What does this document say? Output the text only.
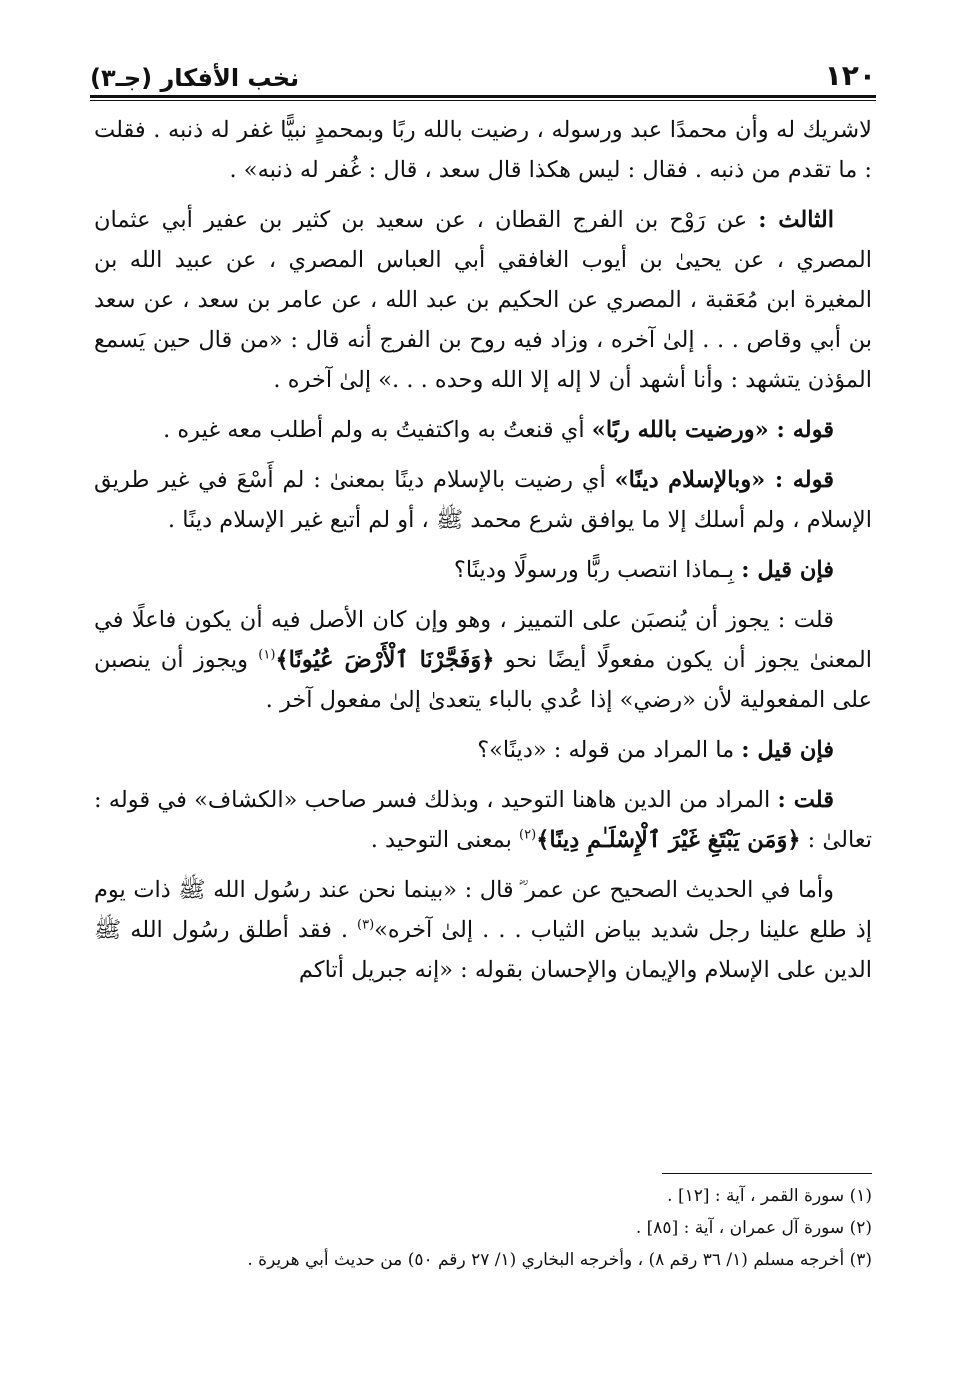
١٢٠
نخب الأفكار (جـ٣)

لاشريك له وأن محمدًا عبد ورسوله ، رضيت بالله ربًا وبمحمدٍ نبيًّا غفر له ذنبه . فقلت : ما تقدم من ذنبه . فقال : ليس هكذا قال سعد ، قال : غُفر له ذنبه» .

الثالث : عن رَوْح بن الفرج القطان ، عن سعيد بن كثير بن عفير أبي عثمان المصري ، عن يحيىٰ بن أيوب الغافقي أبي العباس المصري ، عن عبيد الله بن المغيرة ابن مُعَقبة ، المصري عن الحكيم بن عبد الله ، عن عامر بن سعد ، عن سعد بن أبي وقاص . . . إلىٰ آخره ، وزاد فيه روح بن الفرج أنه قال : «من قال حين يَسمع المؤذن يتشهد : وأنا أشهد أن لا إله إلا الله وحده . . .» إلىٰ آخره .

قوله : «ورضيت بالله ربًا» أي قنعتُ به واكتفيتُ به ولم أطلب معه غيره .

قوله : «وبالإسلام دينًا» أي رضيت بالإسلام دينًا بمعنىٰ : لم أَسْعَ في غير طريق الإسلام ، ولم أسلك إلا ما يوافق شرع محمد ﷺ ، أو لم أتبع غير الإسلام دينًا .

فإن قيل : بِـماذا انتصب ربًّا ورسولًا ودينًا؟

قلت : يجوز أن يُنصبَن على التمييز ، وهو وإن كان الأصل فيه أن يكون فاعلًا في المعنىٰ يجوز أن يكون مفعولًا أيضًا نحو ﴿وَفَجَّرْنَا ٱلْأَرْضَ عُيُونًا﴾$^{(١)}$ ويجوز أن ينصبن على المفعولية لأن «رضي» إذا عُدي بالباء يتعدىٰ إلىٰ مفعول آخر .

فإن قيل : ما المراد من قوله : «دينًا»؟

قلت : المراد من الدين هاهنا التوحيد ، وبذلك فسر صاحب «الكشاف» في قوله : تعالىٰ : ﴿وَمَن يَبْتَغِ غَيْرَ ٱلْإِسْلَـٰمِ دِينًا﴾$^{(٢)}$ بمعنى التوحيد .

وأما في الحديث الصحيح عن عمر ؓ قال : «بينما نحن عند رسُول الله ﷺ ذات يوم إذ طلع علينا رجل شديد بياض الثياب . . . إلىٰ آخره»$^{(٣)}$ . فقد أطلق رسُول الله ﷺ الدين على الإسلام والإيمان والإحسان بقوله : «إنه جبريل أتاكم

(١) سورة القمر ، آية : [١٢] .
(٢) سورة آل عمران ، آية : [٨٥] .
(٣) أخرجه مسلم (١/ ٣٦ رقم ٨) ، وأخرجه البخاري (١/ ٢٧ رقم ٥٠) من حديث أبي هريرة .
